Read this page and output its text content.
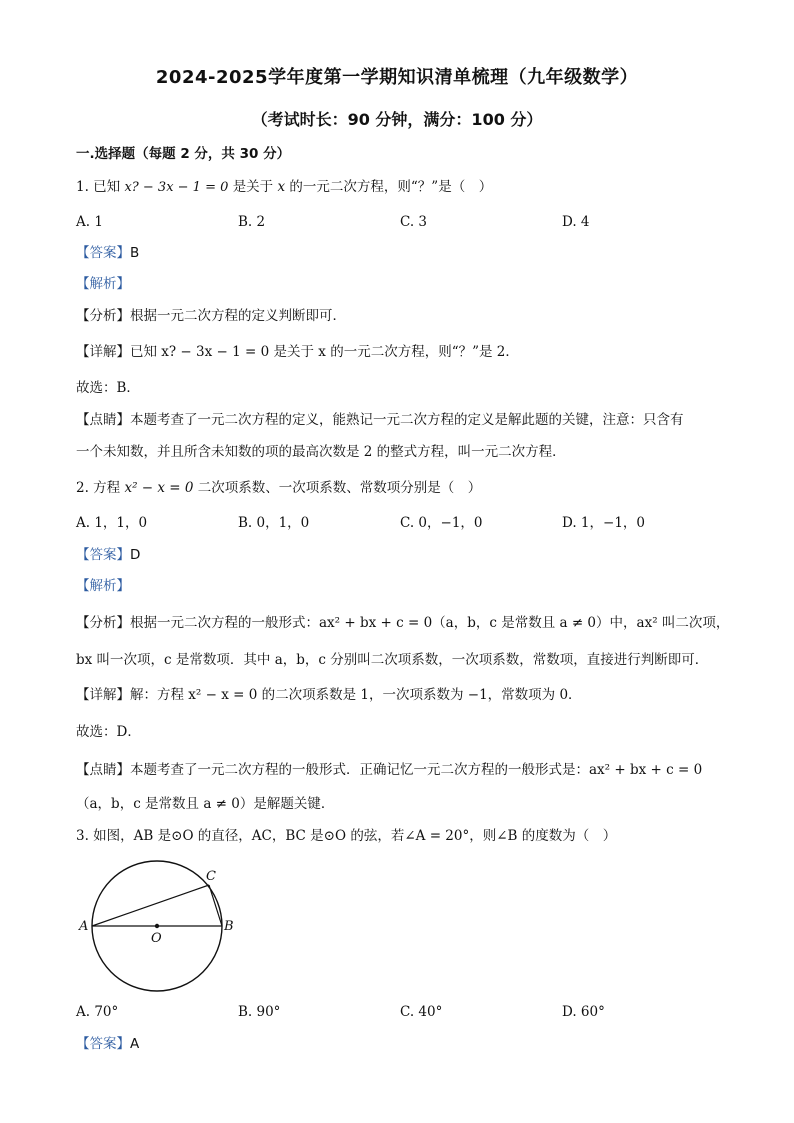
2024-2025学年度第一学期知识清单梳理（九年级数学）
（考试时长：90 分钟，满分：100 分）
一.选择题（每题 2 分，共 30 分）
1. 已知 x? − 3x − 1 = 0 是关于 x 的一元二次方程，则“？”是（　）
A. 1	B. 2	C. 3	D. 4
【答案】B
【解析】
【分析】根据一元二次方程的定义判断即可．
【详解】已知 x? − 3x − 1 = 0 是关于 x 的一元二次方程，则“？”是 2．
故选：B．
【点睛】本题考查了一元二次方程的定义，能熟记一元二次方程的定义是解此题的关键，注意：只含有
一个未知数，并且所含未知数的项的最高次数是 2 的整式方程，叫一元二次方程．
2. 方程 x² − x = 0 二次项系数、一次项系数、常数项分别是（　）
A. 1，1，0	B. 0，1，0	C. 0，−1，0	D. 1，−1，0
【答案】D
【解析】
【分析】根据一元二次方程的一般形式：ax² + bx + c = 0（a，b，c 是常数且 a ≠ 0）中，ax² 叫二次项，
bx 叫一次项，c 是常数项．其中 a，b，c 分别叫二次项系数，一次项系数，常数项，直接进行判断即可．
【详解】解：方程 x² − x = 0 的二次项系数是 1，一次项系数为 −1，常数项为 0．
故选：D．
【点睛】本题考查了一元二次方程的一般形式．正确记忆一元二次方程的一般形式是：ax² + bx + c = 0
（a，b，c 是常数且 a ≠ 0）是解题关键．
3. 如图，AB 是⊙O 的直径，AC，BC 是⊙O 的弦，若∠A = 20°，则∠B 的度数为（　）
A	B
C
O
A. 70°	B. 90°	C. 40°	D. 60°
【答案】A
